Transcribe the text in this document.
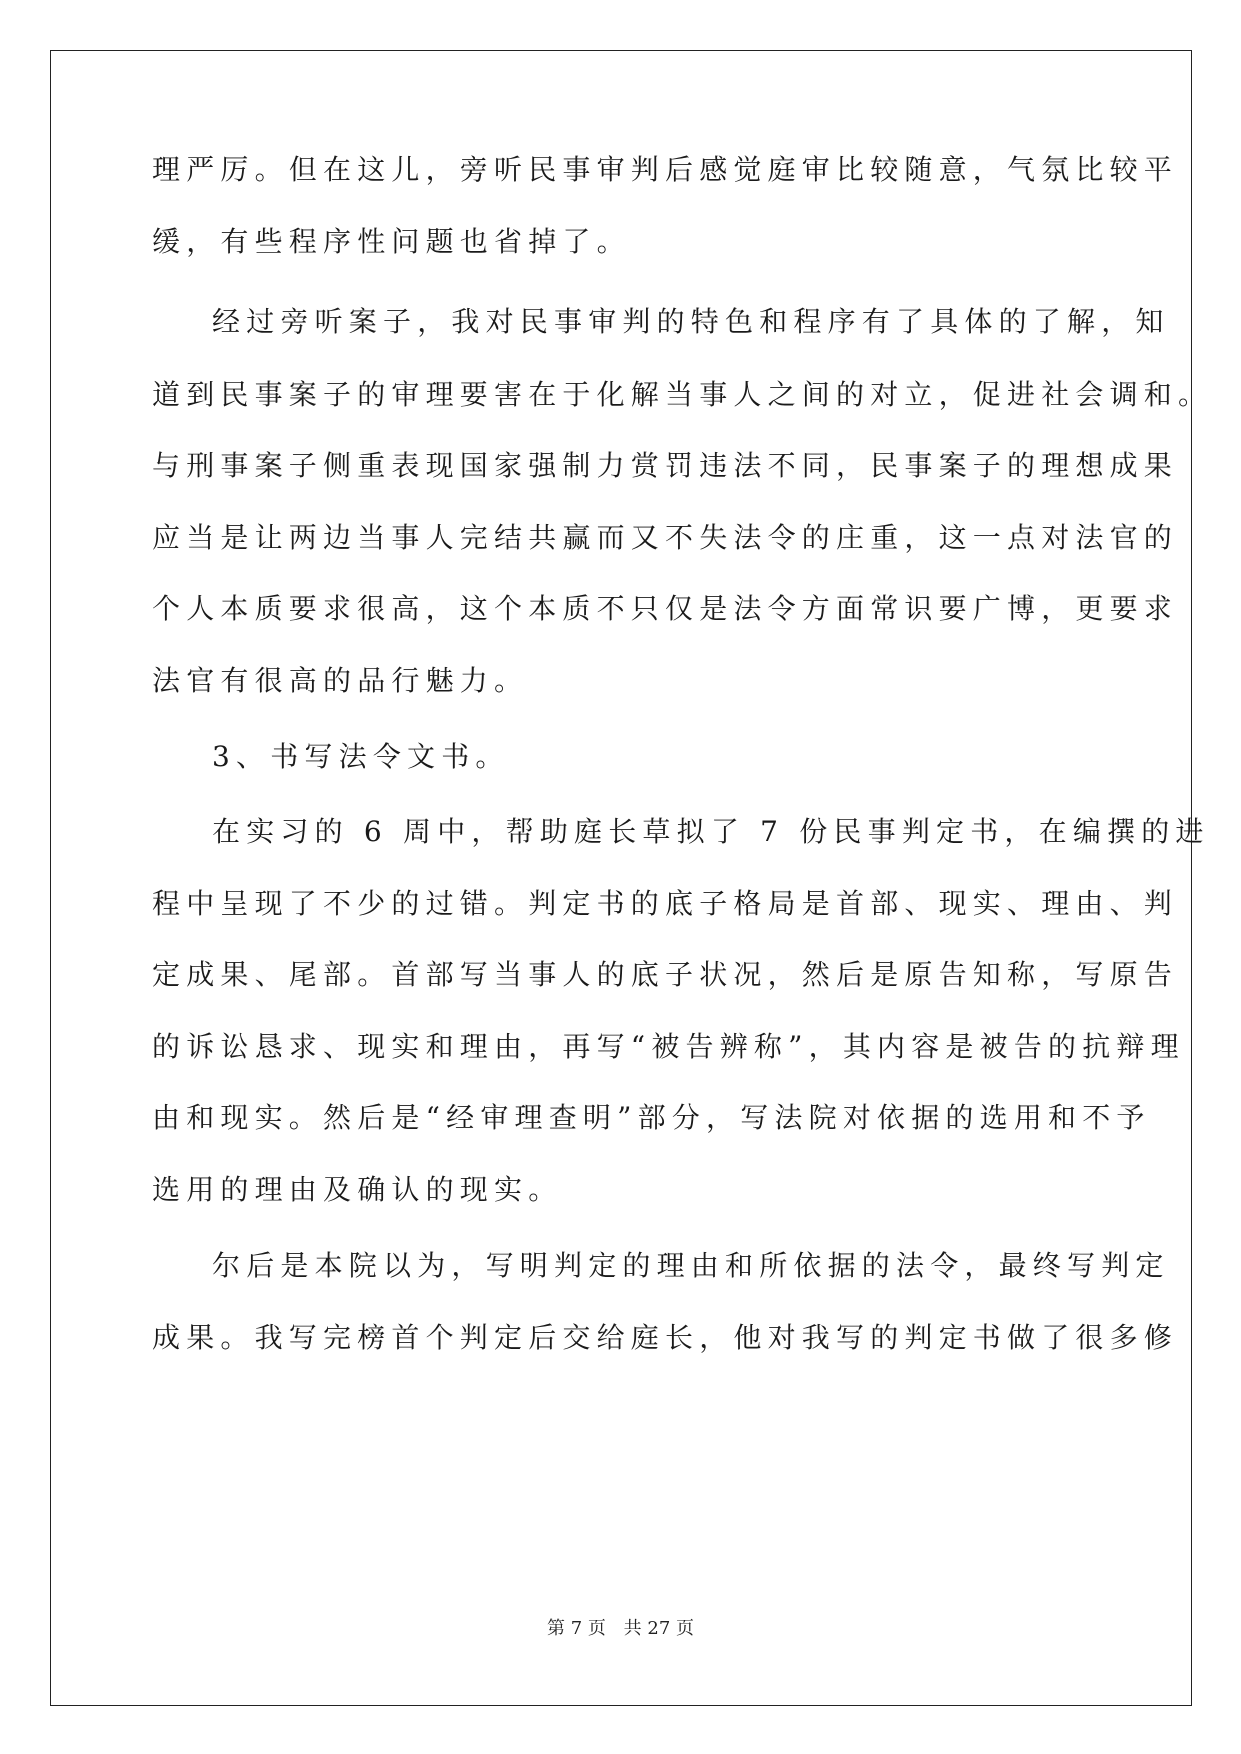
理严厉。但在这儿，旁听民事审判后感觉庭审比较随意，气氛比较平
缓，有些程序性问题也省掉了。
经过旁听案子，我对民事审判的特色和程序有了具体的了解，知
道到民事案子的审理要害在于化解当事人之间的对立，促进社会调和。
与刑事案子侧重表现国家强制力赏罚违法不同，民事案子的理想成果
应当是让两边当事人完结共赢而又不失法令的庄重，这一点对法官的
个人本质要求很高，这个本质不只仅是法令方面常识要广博，更要求
法官有很高的品行魅力。
3、书写法令文书。
在实习的 6 周中，帮助庭长草拟了 7 份民事判定书，在编撰的进
程中呈现了不少的过错。判定书的底子格局是首部、现实、理由、判
定成果、尾部。首部写当事人的底子状况，然后是原告知称，写原告
的诉讼恳求、现实和理由，再写“被告辨称”，其内容是被告的抗辩理
由和现实。然后是“经审理查明”部分，写法院对依据的选用和不予
选用的理由及确认的现实。
尔后是本院以为，写明判定的理由和所依据的法令，最终写判定
成果。我写完榜首个判定后交给庭长，他对我写的判定书做了很多修
第 7 页 共 27 页
